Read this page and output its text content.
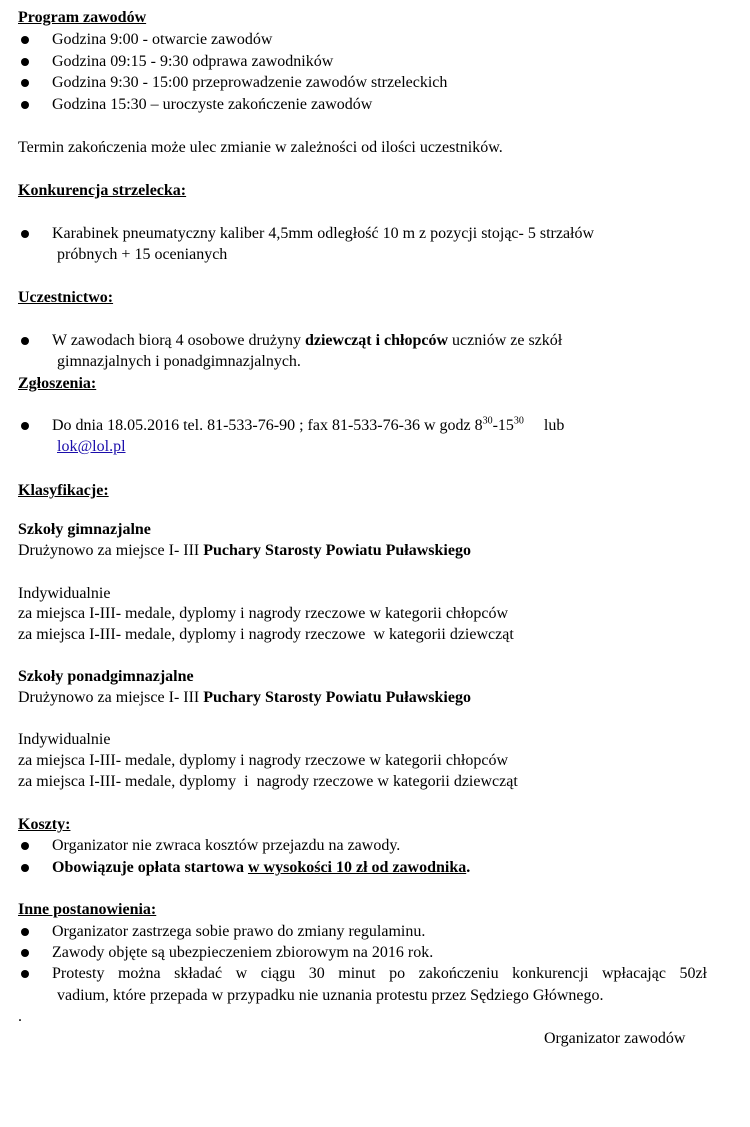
Program zawodów
Godzina 9:00 - otwarcie zawodów
Godzina 09:15 - 9:30 odprawa zawodników
Godzina 9:30 - 15:00 przeprowadzenie zawodów strzeleckich
Godzina 15:30 – uroczyste zakończenie zawodów
Termin zakończenia może ulec zmianie w zależności od ilości uczestników.
Konkurencja strzelecka:
Karabinek pneumatyczny kaliber 4,5mm odległość 10 m z pozycji stojąc- 5 strzałów
próbnych + 15 ocenianych
Uczestnictwo:
W zawodach biorą 4 osobowe drużyny dziewcząt i chłopców uczniów ze szkół
gimnazjalnych i ponadgimnazjalnych.
Zgłoszenia:
Do dnia 18.05.2016 tel. 81-533-76-90 ; fax 81-533-76-36 w godz $8^{30}-15^{30}$     lub
lok@lol.pl
Klasyfikacje:
Szkoły gimnazjalne
Drużynowo za miejsce I- III Puchary Starosty Powiatu Puławskiego
Indywidualnie
za miejsca I-III- medale, dyplomy i nagrody rzeczowe w kategorii chłopców
za miejsca I-III- medale, dyplomy i nagrody rzeczowe  w kategorii dziewcząt
Szkoły ponadgimnazjalne
Drużynowo za miejsce I- III Puchary Starosty Powiatu Puławskiego
Indywidualnie
za miejsca I-III- medale, dyplomy i nagrody rzeczowe w kategorii chłopców
za miejsca I-III- medale, dyplomy  i  nagrody rzeczowe w kategorii dziewcząt
Koszty:
Organizator nie zwraca kosztów przejazdu na zawody.
Obowiązuje opłata startowa w wysokości 10 zł od zawodnika.
Inne postanowienia:
Organizator zastrzega sobie prawo do zmiany regulaminu.
Zawody objęte są ubezpieczeniem zbiorowym na 2016 rok.
Protesty można składać w ciągu 30 minut po zakończeniu konkurencji wpłacając 50zł
vadium, które przepada w przypadku nie uznania protestu przez Sędziego Głównego.
.
Organizator zawodów
